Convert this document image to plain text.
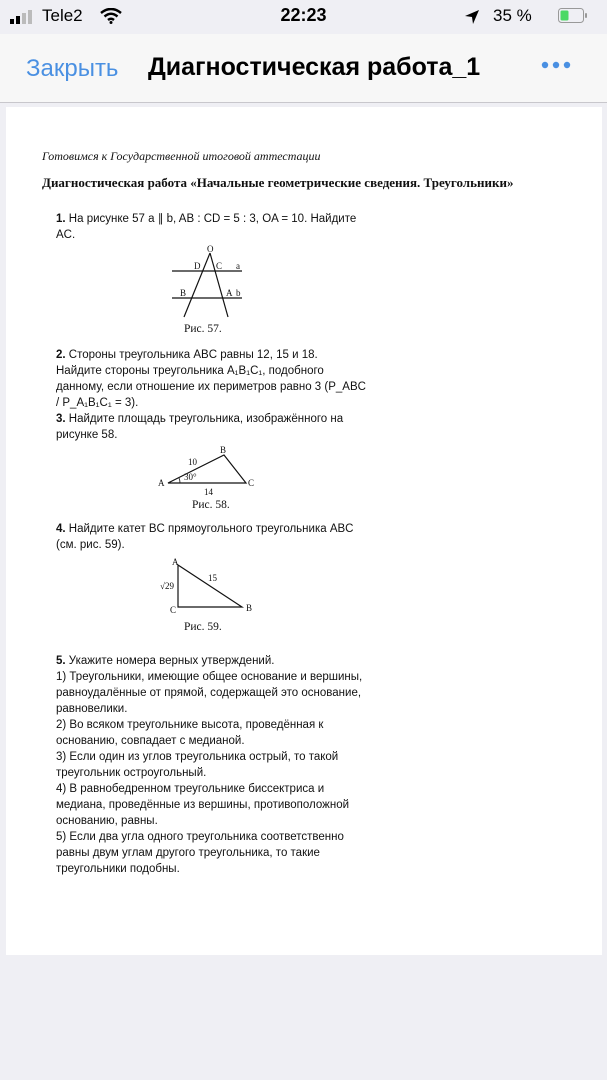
Tele2	22:23	35 %
Закрыть Диагностическая работа_1
Готовимся к Государственной итоговой аттестации
Диагностическая работа «Начальные геометрические сведения. Треугольники»
1. На рисунке 57 a ∥ b, AB : CD = 5 : 3, OA = 10. Найдите AC.
O
D C a
B	A b
Рис. 57.
2. Стороны треугольника ABC равны 12, 15 и 18. Найдите стороны треугольника A₁B₁C₁, подобного данному, если отношение их периметров равно 3 (P_ABC / P_A₁B₁C₁ = 3).
3. Найдите площадь треугольника, изображённого на рисунке 58.
A
B
C
10
14
30°
Рис. 58.
4. Найдите катет BC прямоугольного треугольника ABC (см. рис. 59).
A
C	B
15
√29
Рис. 59.
5. Укажите номера верных утверждений.
1) Треугольники, имеющие общее основание и вершины, равноудалённые от прямой, содержащей это основание, равновелики.
2) Во всяком треугольнике высота, проведённая к основанию, совпадает с медианой.
3) Если один из углов треугольника острый, то такой треугольник остроугольный.
4) В равнобедренном треугольнике биссектриса и медиана, проведённые из вершины, противоположной основанию, равны.
5) Если два угла одного треугольника соответственно равны двум углам другого треугольника, то такие треугольники подобны.
